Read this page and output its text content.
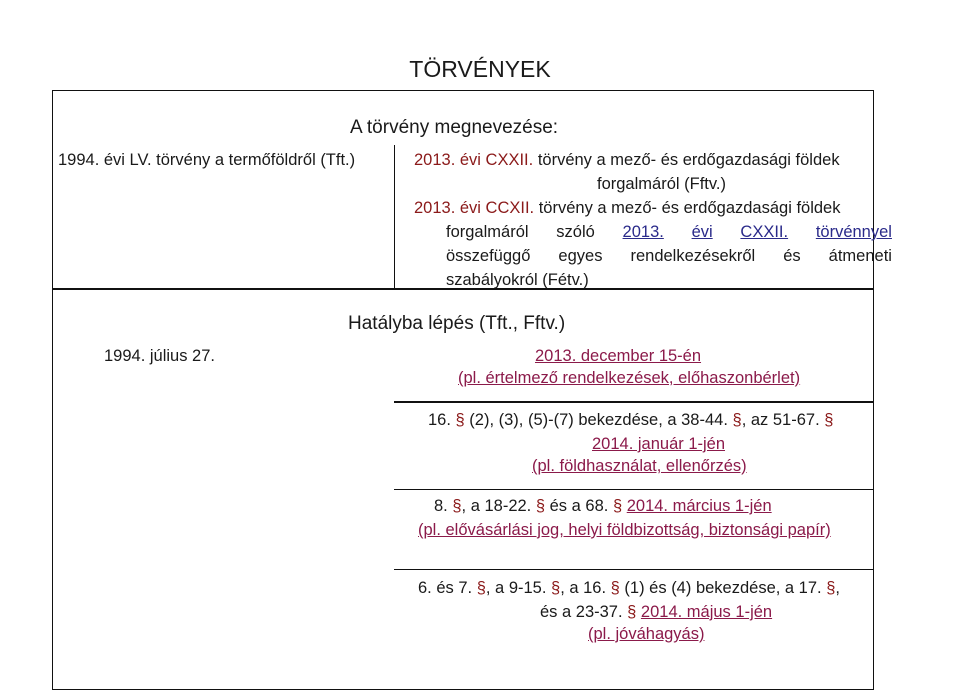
TÖRVÉNYEK
A törvény megnevezése:
1994. évi LV. törvény a termőföldről (Tft.)	2013. évi CXXII. törvény a mező- és erdőgazdasági földek
forgalmáról (Fftv.)
2013. évi CCXII. törvény a mező- és erdőgazdasági földek
forgalmáról szóló 2013. évi CXXII. törvénnyel
összefüggő egyes rendelkezésekről és átmeneti
szabályokról (Fétv.)
Hatályba lépés (Tft., Fftv.)
1994. július 27.	2013. december 15-én
(pl. értelmező rendelkezések, előhaszonbérlet)
16. § (2), (3), (5)-(7) bekezdése, a 38-44. §, az 51-67. §
2014. január 1-jén
(pl. földhasználat, ellenőrzés)
8. §, a 18-22. § és a 68. § 2014. március 1-jén
(pl. elővásárlási jog, helyi földbizottság, biztonsági papír)
6. és 7. §, a 9-15. §, a 16. § (1) és (4) bekezdése, a 17. §,
és a 23-37. § 2014. május 1-jén
(pl. jóváhagyás)
